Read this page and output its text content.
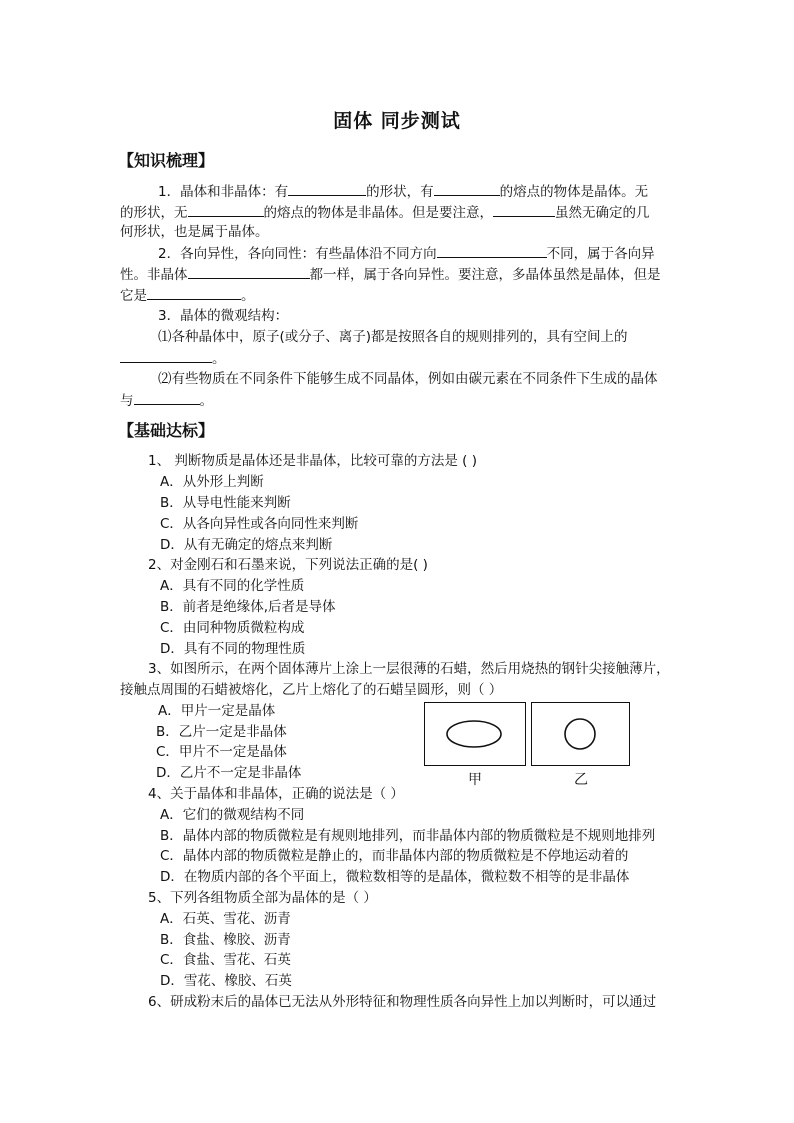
固体 同步测试
【知识梳理】
1．晶体和非晶体：有	的形状，有	的熔点的物体是晶体。无
的形状，无	的熔点的物体是非晶体。但是要注意，	虽然无确定的几
何形状，也是属于晶体。
2．各向异性，各向同性：有些晶体沿不同方向	不同，属于各向异
性。非晶体	都一样，属于各向异性。要注意，多晶体虽然是晶体，但是
它是	。
3．晶体的微观结构：
⑴各种晶体中，原子(或分子、离子)都是按照各自的规则排列的，具有空间上的
。
⑵有些物质在不同条件下能够生成不同晶体，例如由碳元素在不同条件下生成的晶体
与	。
【基础达标】
1、 判断物质是晶体还是非晶体，比较可靠的方法是 ( )
A．从外形上判断
B．从导电性能来判断
C．从各向异性或各向同性来判断
D．从有无确定的熔点来判断
2、对金刚石和石墨来说，下列说法正确的是( )
A．具有不同的化学性质
B．前者是绝缘体,后者是导体
C．由同种物质微粒构成
D．具有不同的物理性质
3、如图所示，在两个固体薄片上涂上一层很薄的石蜡，然后用烧热的钢针尖接触薄片，
接触点周围的石蜡被熔化，乙片上熔化了的石蜡呈圆形，则（ ）
A．甲片一定是晶体
B．乙片一定是非晶体
C．甲片不一定是晶体
D．乙片不一定是非晶体	甲	乙
4、关于晶体和非晶体，正确的说法是（ ）
A．它们的微观结构不同
B．晶体内部的物质微粒是有规则地排列，而非晶体内部的物质微粒是不规则地排列
C．晶体内部的物质微粒是静止的，而非晶体内部的物质微粒是不停地运动着的
D．在物质内部的各个平面上，微粒数相等的是晶体，微粒数不相等的是非晶体
5、下列各组物质全部为晶体的是（ ）
A．石英、雪花、沥青
B．食盐、橡胶、沥青
C．食盐、雪花、石英
D．雪花、橡胶、石英
6、研成粉末后的晶体已无法从外形特征和物理性质各向异性上加以判断时，可以通过
